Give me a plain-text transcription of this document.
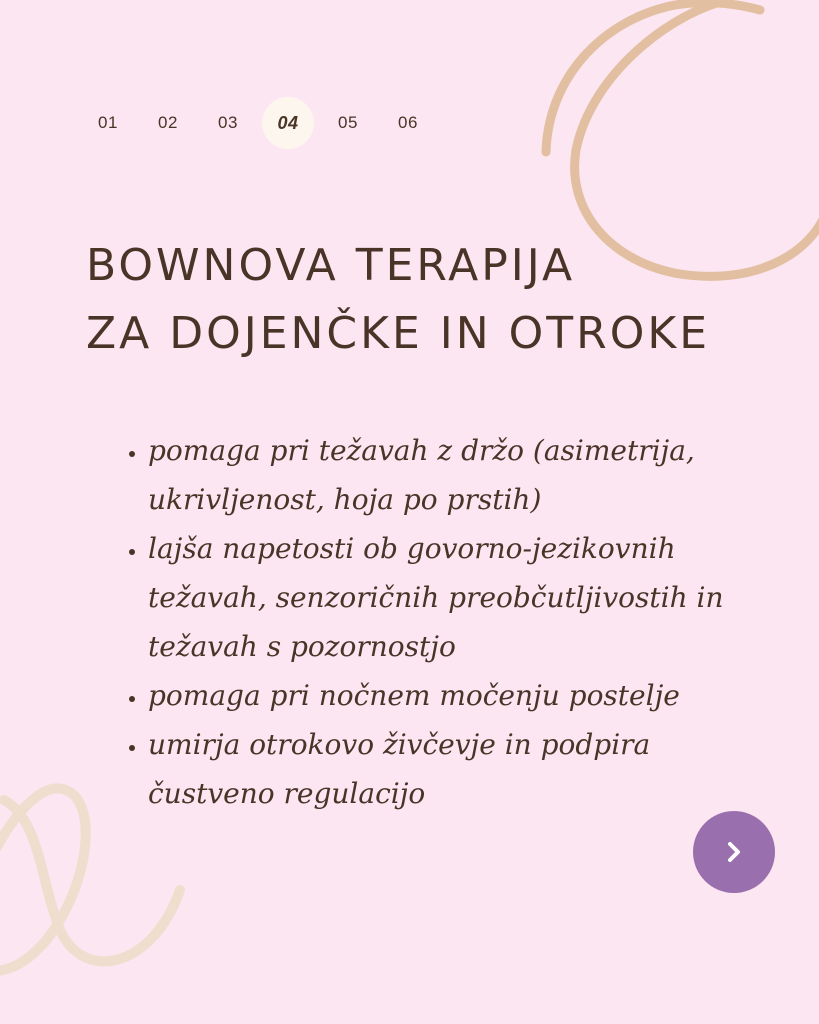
01	02	03	04	05	06
BOWNOVA TERAPIJA
ZA DOJENČKE IN OTROKE
• pomaga pri težavah z držo (asimetrija, ukrivljenost, hoja po prstih)
• lajša napetosti ob govorno-jezikovnih težavah, senzoričnih preobčutljivostih in težavah s pozornostjo
• pomaga pri nočnem močenju postelje
• umirja otrokovo živčevje in podpira čustveno regulacijo
